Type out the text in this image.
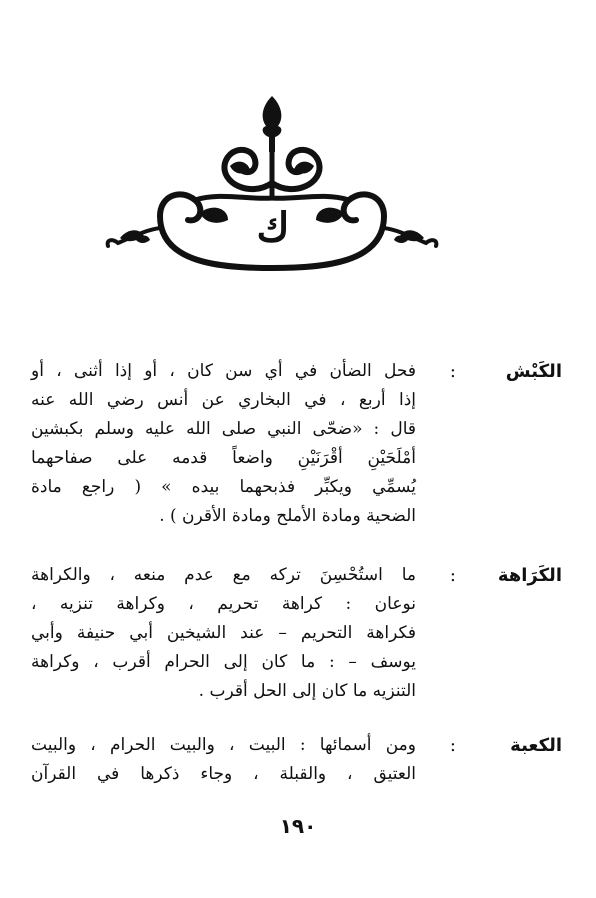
ك
الكَبْش
:
فحل الضأن في أي سن كان ، أو إذا أثنى ، أو
إذا أربع ، في البخاري عن أنس رضي الله عنه
قال : «ضحّى النبي صلى الله عليه وسلم بكبشين
أمْلَحَيْنِ أقْرَنَيْنِ واضعاً قدمه على صفاحهما
يُسمِّي ويكبِّر فذبحهما بيده » ( راجع مادة
الضحية ومادة الأملح ومادة الأقرن ) .
الكَرَاهة
:
ما استُحْسِنَ تركه مع عدم منعه ، والكراهة
نوعان : كراهة تحريم ، وكراهة تنزيه ،
فكراهة التحريم – عند الشيخين أبي حنيفة وأبي
يوسف – : ما كان إلى الحرام أقرب ، وكراهة
التنزيه ما كان إلى الحل أقرب .
الكعبة
:
ومن أسمائها : البيت ، والبيت الحرام ، والبيت
العتيق ، والقبلة ، وجاء ذكرها في القرآن
١٩٠
